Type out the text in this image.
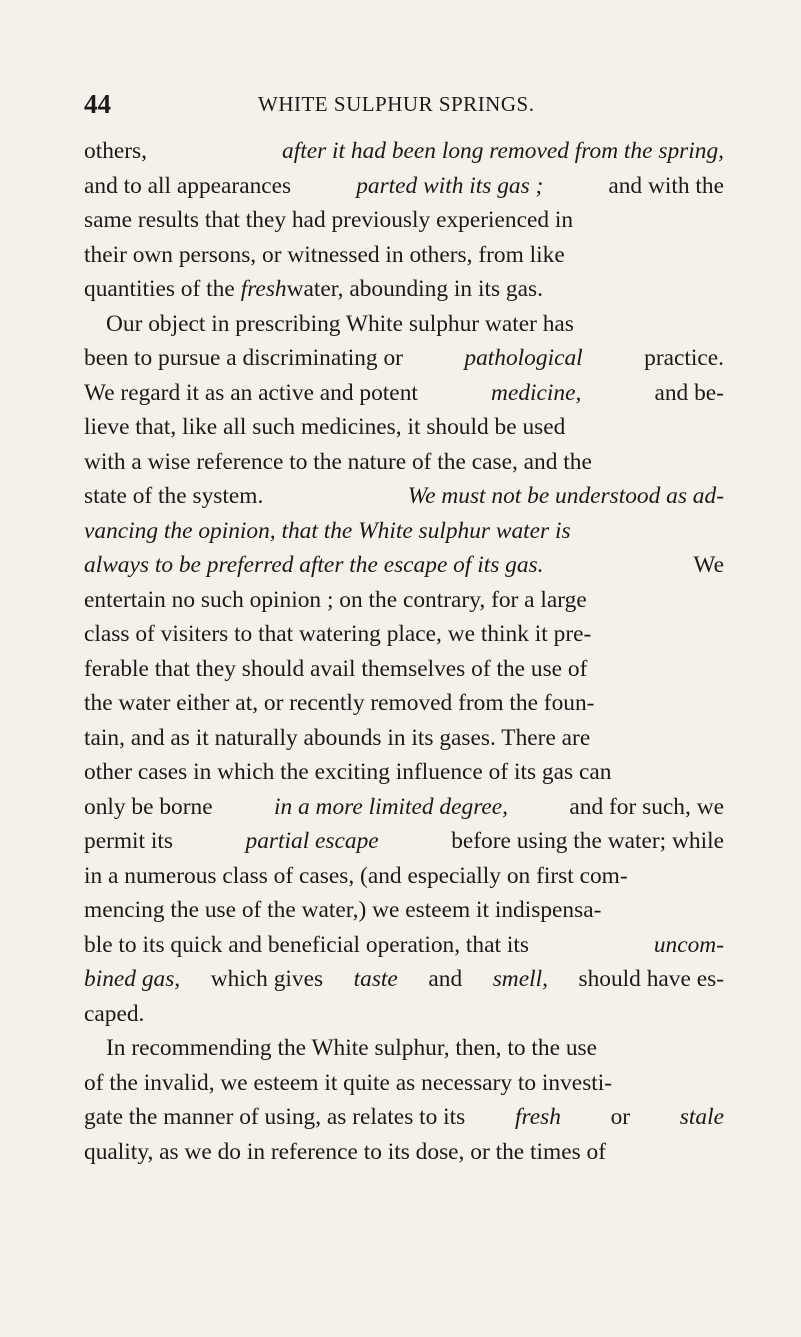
44	WHITE SULPHUR SPRINGS.
others,	after it had been long removed from the spring,
and to all appearances	parted with its gas ;	and with the
same results that they had previously experienced in
their own persons, or witnessed in others, from like
quantities of the fresh water, abounding in its gas.
Our object in prescribing White sulphur water has
been to pursue a discriminating or	pathological	practice.
We regard it as an active and potent	medicine,	and be-
lieve that, like all such medicines, it should be used
with a wise reference to the nature of the case, and the
state of the system.	We must not be understood as ad-
vancing the opinion, that the White sulphur water is
always to be preferred after the escape of its gas.	We
entertain no such opinion ; on the contrary, for a large
class of visiters to that watering place, we think it pre-
ferable that they should avail themselves of the use of
the water either at, or recently removed from the foun-
tain, and as it naturally abounds in its gases. There are
other cases in which the exciting influence of its gas can
only be borne	in a more limited degree,	and for such, we
permit its	partial escape	before using the water; while
in a numerous class of cases, (and especially on first com-
mencing the use of the water,) we esteem it indispensa-
ble to its quick and beneficial operation, that its	uncom-
bined gas, which gives taste and smell, should have es-
caped.
In recommending the White sulphur, then, to the use
of the invalid, we esteem it quite as necessary to investi-
gate the manner of using, as relates to its fresh or stale
quality, as we do in reference to its dose, or the times of
